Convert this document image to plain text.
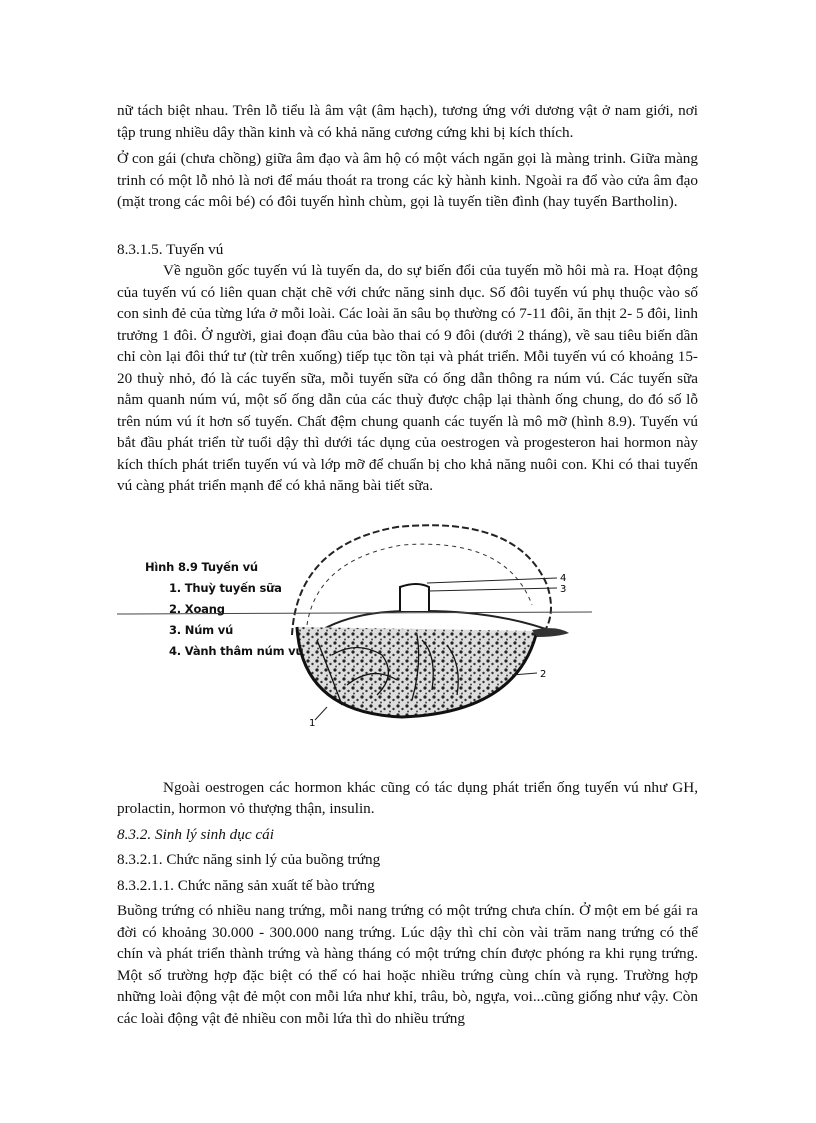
nữ tách biệt nhau. Trên lỗ tiểu là âm vật (âm hạch), tương ứng với dương vật ở nam giới, nơi tập trung nhiều dây thần kinh và có khả năng cương cứng khi bị kích thích.

Ở con gái (chưa chồng) giữa âm đạo và âm hộ có một vách ngăn gọi là màng trinh. Giữa màng trinh có một lỗ nhỏ là nơi để máu thoát ra trong các kỳ hành kinh. Ngoài ra đổ vào cửa âm đạo (mặt trong các môi bé) có đôi tuyến hình chùm, gọi là tuyến tiền đình (hay tuyến Bartholin).

8.3.1.5. Tuyến vú

Về nguồn gốc tuyến vú là tuyến da, do sự biến đổi của tuyến mồ hôi mà ra. Hoạt động của tuyến vú có liên quan chặt chẽ với chức năng sinh dục. Số đôi tuyến vú phụ thuộc vào số con sinh đẻ của từng lứa ở mỗi loài. Các loài ăn sâu bọ thường có 7-11 đôi, ăn thịt 2- 5 đôi, linh trưởng 1 đôi. Ở người, giai đoạn đầu của bào thai có 9 đôi (dưới 2 tháng), về sau tiêu biến dần chỉ còn lại đôi thứ tư (từ trên xuống) tiếp tục tồn tại và phát triển. Mỗi tuyến vú có khoảng 15- 20 thuỳ nhỏ, đó là các tuyến sữa, mỗi tuyến sữa có ống dẫn thông ra núm vú. Các tuyến sữa nằm quanh núm vú, một số ống dẫn của các thuỳ được chập lại thành ống chung, do đó số lỗ trên núm vú ít hơn số tuyến. Chất đệm chung quanh các tuyến là mô mỡ (hình 8.9). Tuyến vú bắt đầu phát triển từ tuổi dậy thì dưới tác dụng của oestrogen và progesteron hai hormon này kích thích phát triển tuyến vú và lớp mỡ để chuẩn bị cho khả năng nuôi con. Khi có thai tuyến vú càng phát triển mạnh để có khả năng bài tiết sữa.

4
3
2
1
Hình 8.9 Tuyến vú
1. Thuỳ tuyến sữa
2. Xoang
3. Núm vú
4. Vành thâm núm vú

Ngoài oestrogen các hormon khác cũng có tác dụng phát triển ống tuyến vú như GH, prolactin, hormon vỏ thượng thận, insulin.

8.3.2. Sinh lý sinh dục cái

8.3.2.1. Chức năng sinh lý của buồng trứng

8.3.2.1.1. Chức năng sản xuất tế bào trứng

Buồng trứng có nhiều nang trứng, mỗi nang trứng có một trứng chưa chín. Ở một em bé gái ra đời có khoảng 30.000 - 300.000 nang trứng. Lúc dậy thì chỉ còn vài trăm nang trứng có thể chín và phát triển thành trứng và hàng tháng có một trứng chín được phóng ra khi rụng trứng. Một số trường hợp đặc biệt có thể có hai hoặc nhiều trứng cùng chín và rụng. Trường hợp những loài động vật đẻ một con mỗi lứa như khỉ, trâu, bò, ngựa, voi...cũng giống như vậy. Còn các loài động vật đẻ nhiều con mỗi lứa thì do nhiều trứng
